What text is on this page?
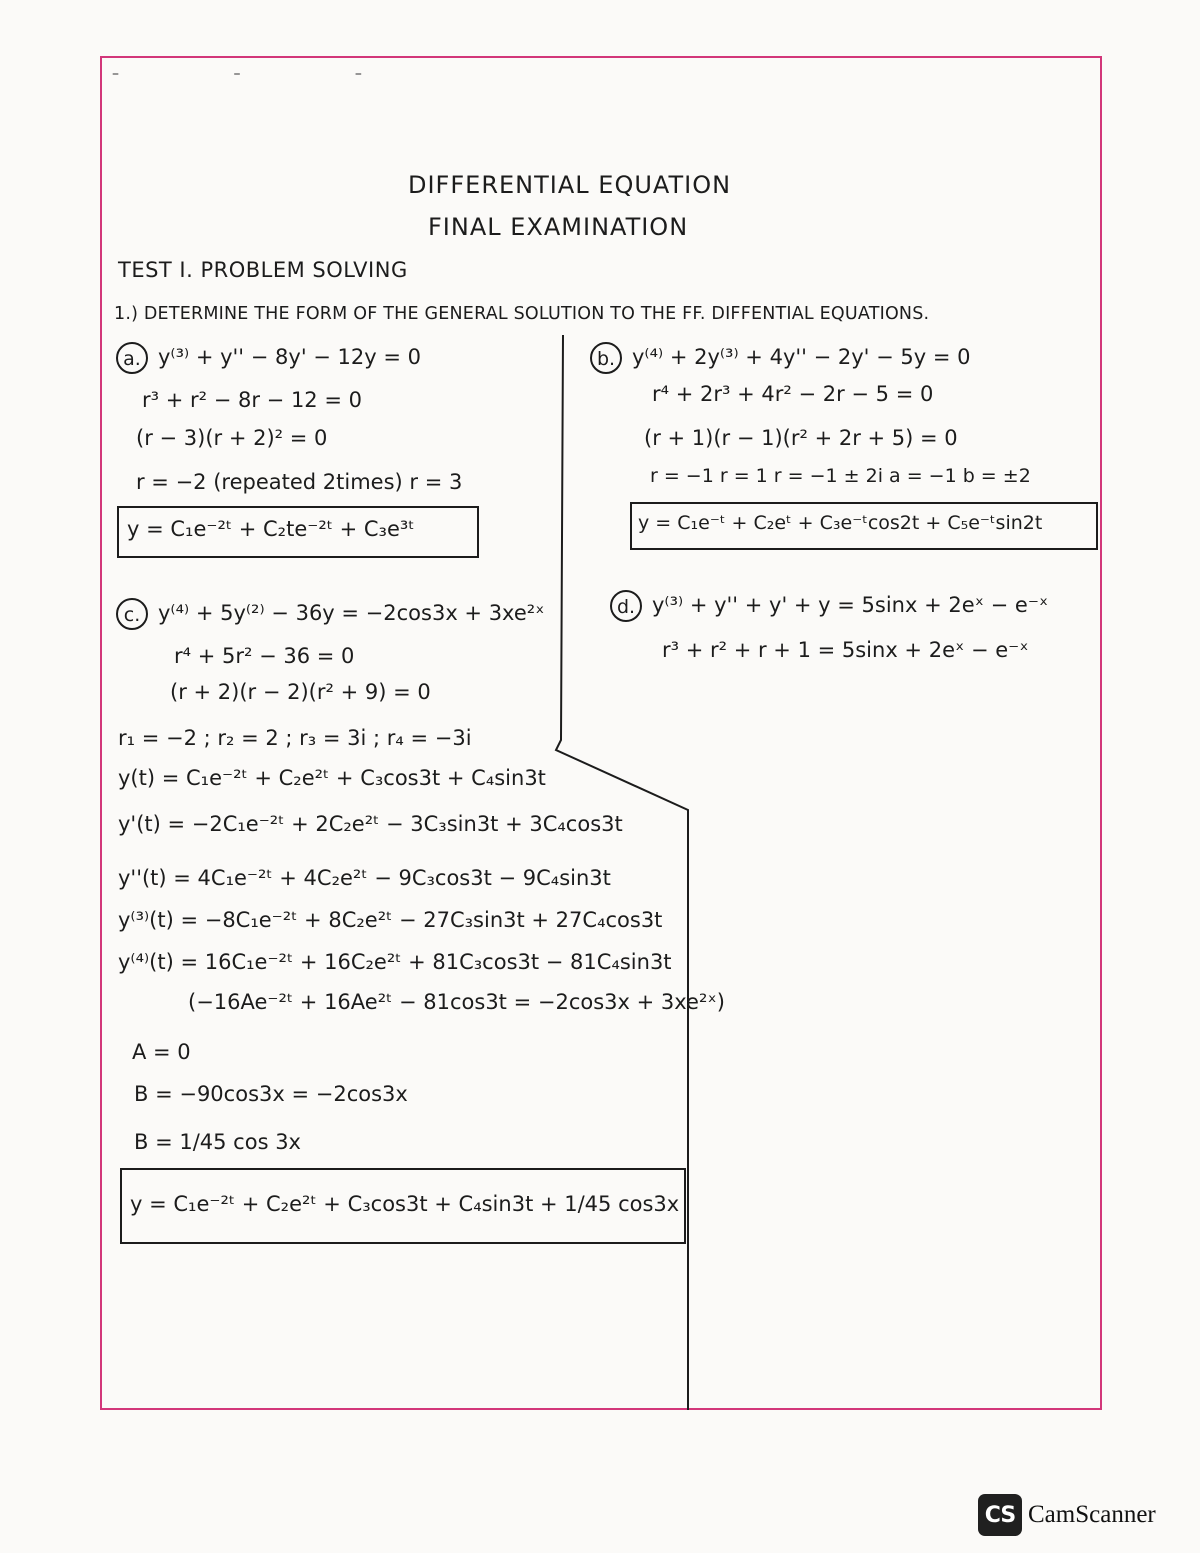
– – –
DIFFERENTIAL EQUATION
FINAL EXAMINATION
TEST I. PROBLEM SOLVING
1.) DETERMINE THE FORM OF THE GENERAL SOLUTION TO THE FF. DIFFENTIAL EQUATIONS.
a. y⁽³⁾ + y'' − 8y' − 12y = 0
r³ + r² − 8r − 12 = 0
(r − 3)(r + 2)² = 0
r = −2 (repeated 2times) r = 3
y = C₁e⁻²ᵗ + C₂te⁻²ᵗ + C₃e³ᵗ
b. y⁽⁴⁾ + 2y⁽³⁾ + 4y'' − 2y' − 5y = 0
r⁴ + 2r³ + 4r² − 2r − 5 = 0
(r + 1)(r − 1)(r² + 2r + 5) = 0
r = −1 r = 1 r = −1 ± 2i a = −1 b = ±2
y = C₁e⁻ᵗ + C₂eᵗ + C₃e⁻ᵗcos2t + C₅e⁻ᵗsin2t
c. y⁽⁴⁾ + 5y⁽²⁾ − 36y = −2cos3x + 3xe²ˣ
r⁴ + 5r² − 36 = 0
(r + 2)(r − 2)(r² + 9) = 0
r₁ = −2 ; r₂ = 2 ; r₃ = 3i ; r₄ = −3i
y(t) = C₁e⁻²ᵗ + C₂e²ᵗ + C₃cos3t + C₄sin3t
y'(t) = −2C₁e⁻²ᵗ + 2C₂e²ᵗ − 3C₃sin3t + 3C₄cos3t
y''(t) = 4C₁e⁻²ᵗ + 4C₂e²ᵗ − 9C₃cos3t − 9C₄sin3t
y⁽³⁾(t) = −8C₁e⁻²ᵗ + 8C₂e²ᵗ − 27C₃sin3t + 27C₄cos3t
y⁽⁴⁾(t) = 16C₁e⁻²ᵗ + 16C₂e²ᵗ + 81C₃cos3t − 81C₄sin3t
(−16Ae⁻²ᵗ + 16Ae²ᵗ − 81cos3t = −2cos3x + 3xe²ˣ)
A = 0
B = −90cos3x = −2cos3x
B = 1/45 cos 3x
y = C₁e⁻²ᵗ + C₂e²ᵗ + C₃cos3t + C₄sin3t + 1/45 cos3x
d. y⁽³⁾ + y'' + y' + y = 5sinx + 2eˣ − e⁻ˣ
r³ + r² + r + 1 = 5sinx + 2eˣ − e⁻ˣ
CS CamScanner
